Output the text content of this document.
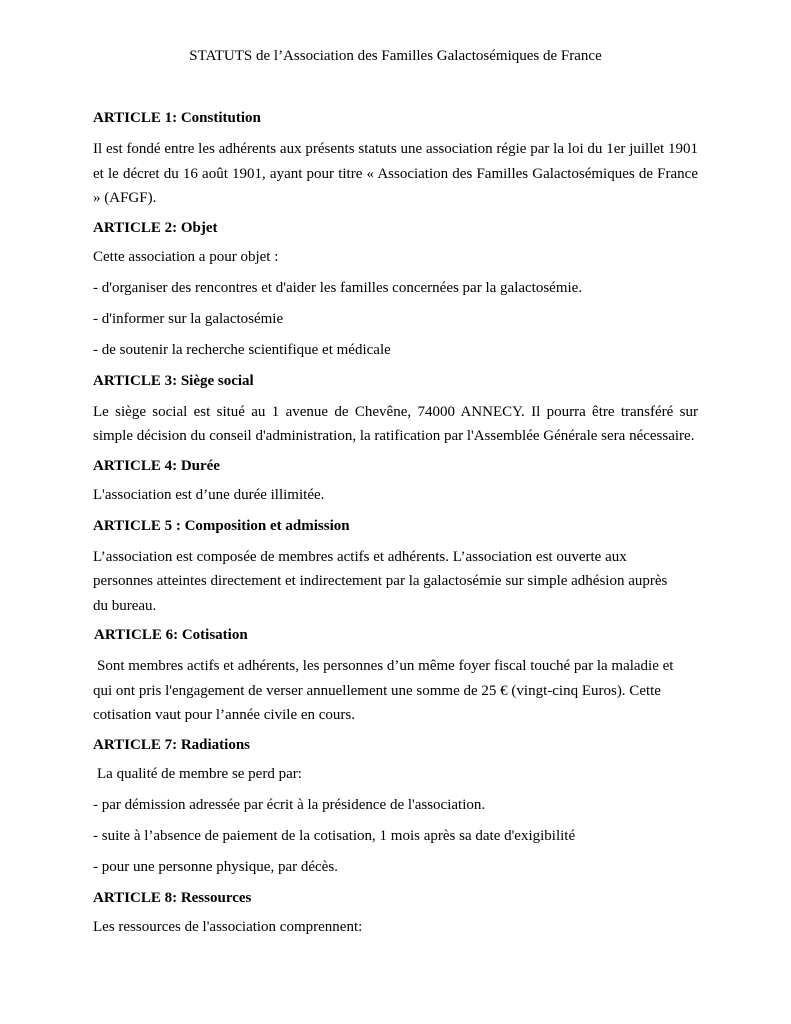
STATUTS de l’Association des Familles Galactosémiques de France

ARTICLE 1: Constitution

Il est fondé entre les adhérents aux présents statuts une association régie par la loi du 1er juillet 1901 et le décret du 16 août 1901, ayant pour titre « Association des Familles Galactosémiques de France » (AFGF).

ARTICLE 2: Objet

Cette association a pour objet :

- d'organiser des rencontres et d'aider les familles concernées par la galactosémie.

- d'informer sur la galactosémie

- de soutenir la recherche scientifique et médicale

ARTICLE 3: Siège social

Le siège social est situé au 1 avenue de Chevêne, 74000 ANNECY. Il pourra être transféré sur simple décision du conseil d'administration, la ratification par l'Assemblée Générale sera nécessaire.

ARTICLE 4: Durée

L'association est d’une durée illimitée.

ARTICLE 5 : Composition et admission

L’association est composée de membres actifs et adhérents. L’association est ouverte aux
personnes atteintes directement et indirectement par la galactosémie sur simple adhésion auprès
du bureau.

ARTICLE 6: Cotisation

Sont membres actifs et adhérents, les personnes d’un même foyer fiscal touché par la maladie et
qui ont pris l'engagement de verser annuellement une somme de 25 € (vingt-cinq Euros). Cette
cotisation vaut pour l’année civile en cours.

ARTICLE 7: Radiations

La qualité de membre se perd par:

- par démission adressée par écrit à la présidence de l'association.

- suite à l’absence de paiement de la cotisation, 1 mois après sa date d'exigibilité

- pour une personne physique, par décès.

ARTICLE 8: Ressources

Les ressources de l'association comprennent:
